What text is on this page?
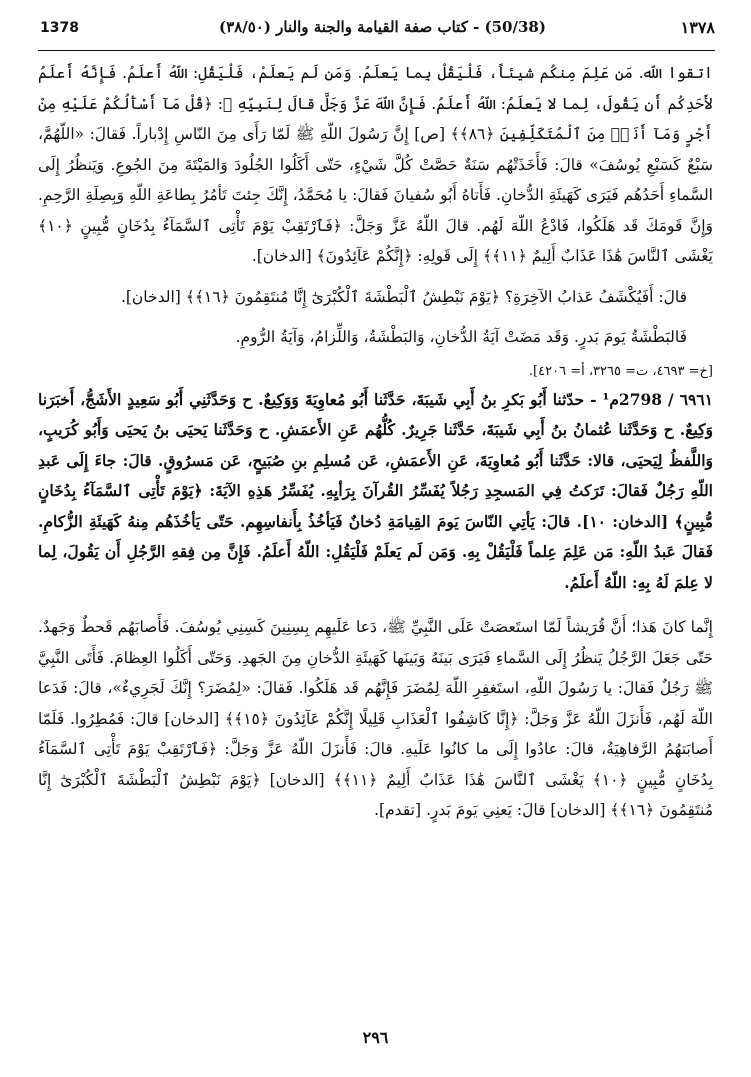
1378	(50/38) - كتاب صفة القيامة والجنة والنار (٣٨/٥٠)	١٣٧٨

اتقوا اللّه. مَن عَلِمَ مِنكُم شيئاً، فَلْيَقُلْ بِما يَعلَمُ. وَمَن لَم يَعلَمْ، فَلْيَقُلِ: اللّهُ أَعلَمُ. فَإِنَّهُ أَعلَمُ لأَحَدِكُم أَن يَقُولَ، لِما لا يَعلَمُ: اللّهُ أَعلَمُ. فَإِنَّ اللّهَ عَزَّ وَجَلَّ قالَ لِنَبِيِّهِ ﷺ: ﴿قُلْ مَآ أَسْأَلُكُمْ عَلَيْهِ مِنْ أَجْرٍ وَمَآ أَنَا۠ مِنَ ٱلْمُتَكَلِّفِينَ ﴿٨٦﴾﴾ [ص] إِنَّ رَسُولَ اللّهِ ﷺ لَمّا رَأَى مِنَ النّاسِ إِدْباراً. فَقالَ: «اللّهُمَّ، سَبْعٌ كَسَبْعِ يُوسُفَ» قالَ: فَأَخَذَتْهُم سَنَةٌ حَصَّتْ كُلَّ شَيْءٍ، حَتّى أَكَلُوا الجُلُودَ وَالمَيْتَةَ مِنَ الجُوعِ. وَيَنظُرُ إِلَى السَّماءِ أَحَدُهُم فَيَرَى كَهَيئَةِ الدُّخانِ. فَأَتاهُ أَبُو سُفيانَ فَقالَ: يا مُحَمَّدُ، إِنَّكَ جِئتَ تَأمُرُ بِطاعَةِ اللّهِ وَبِصِلَةِ الرَّحِمِ. وَإِنَّ قَومَكَ قَد هَلَكُوا، فَادْعُ اللّهَ لَهُم. قالَ اللّهُ عَزَّ وَجَلَّ: ﴿فَٱرْتَقِبْ يَوْمَ تَأْتِى ٱلسَّمَآءُ بِدُخَانٍ مُّبِينٍ ﴿١٠﴾ يَغْشَى ٱلنَّاسَ هَٰذَا عَذَابٌ أَلِيمٌ ﴿١١﴾﴾ إِلَى قَولِهِ: ﴿إِنَّكُمْ عَآئِدُونَ﴾ [الدخان].

قالَ: أَفَيُكْشَفُ عَذابُ الآخِرَةِ؟ ﴿يَوْمَ نَبْطِشُ ٱلْبَطْشَةَ ٱلْكُبْرَىٰٓ إِنَّا مُنتَقِمُونَ ﴿١٦﴾﴾ [الدخان].

فَالبَطْشَةُ يَومَ بَدرٍ. وَقَد مَضَتْ آيَةُ الدُّخانِ، وَالبَطْشَةُ، وَاللِّزامُ، وَآيَةُ الرُّومِ.

[خ= ٤٦٩٣، ت= ٣٢٦٥، أ= ٤٢٠٦].

٦٩٦١ / 2798م¹ - حدّثنا أَبُو بَكرِ بنُ أَبِي شَيبَةَ، حَدَّثَنا أَبُو مُعاوِيَةَ وَوَكِيعٌ. ح وَحَدَّثَنِي أَبُو سَعِيدٍ الأَشَجُّ، أَخبَرَنا وَكِيعٌ. ح وَحَدَّثَنا عُثمانُ بنُ أَبِي شَيبَةَ، حَدَّثَنا جَرِيرٌ. كُلُّهُم عَنِ الأَعمَشِ. ح وَحَدَّثَنا يَحيَى بنُ يَحيَى وَأَبُو كُرَيبٍ، وَاللَّفظُ لِيَحيَى، قالا: حَدَّثَنا أَبُو مُعاوِيَةَ، عَنِ الأَعمَشِ، عَن مُسلِمِ بنِ صُبَيحٍ، عَن مَسرُوقٍ. قالَ: جاءَ إِلَى عَبدِ اللّهِ رَجُلٌ فَقالَ: تَرَكتُ فِي المَسجِدِ رَجُلاً يُفَسِّرُ القُرآنَ بِرَأيِهِ. يُفَسِّرُ هَذِهِ الآيَةَ: ﴿يَوْمَ تَأْتِى ٱلسَّمَآءُ بِدُخَانٍ مُّبِينٍ﴾ [الدخان: ١٠]. قالَ: يَأتِي النّاسَ يَومَ القِيامَةِ دُخانٌ فَيَأخُذُ بِأَنفاسِهِم. حَتّى يَأخُذَهُم مِنهُ كَهَيئَةِ الزُّكامِ. فَقالَ عَبدُ اللّهِ: مَن عَلِمَ عِلماً فَلْيَقُلْ بِهِ. وَمَن لَم يَعلَمْ فَلْيَقُلِ: اللّهُ أَعلَمُ. فَإِنَّ مِن فِقهِ الرَّجُلِ أَن يَقُولَ، لِما لا عِلمَ لَهُ بِهِ: اللّهُ أَعلَمُ.

إِنَّما كانَ هَذا؛ أَنَّ قُرَيشاً لَمّا استَعصَتْ عَلَى النَّبِيِّ ﷺ، دَعا عَلَيهِم بِسِنِينَ كَسِنِي يُوسُفَ. فَأَصابَهُم قَحطٌ وَجَهدٌ. حَتّى جَعَلَ الرَّجُلُ يَنظُرُ إِلَى السَّماءِ فَيَرَى بَينَهُ وَبَينَها كَهَيئَةِ الدُّخانِ مِنَ الجَهدِ. وَحَتّى أَكَلُوا العِظامَ. فَأَتَى النَّبِيَّ ﷺ رَجُلٌ فَقالَ: يا رَسُولَ اللّهِ، استَغفِرِ اللّهَ لِمُضَرَ فَإِنَّهُم قَد هَلَكُوا. فَقالَ: «لِمُضَرَ؟ إِنَّكَ لَجَرِيءٌ»، قالَ: فَدَعا اللّهَ لَهُم، فَأَنزَلَ اللّهُ عَزَّ وَجَلَّ: ﴿إِنَّا كَاشِفُوا ٱلْعَذَابِ قَلِيلًا إِنَّكُمْ عَآئِدُونَ ﴿١٥﴾﴾ [الدخان] قالَ: فَمُطِرُوا. فَلَمّا أَصابَتهُمُ الرَّفاهِيَةُ، قالَ: عادُوا إِلَى ما كانُوا عَلَيهِ. قالَ: فَأَنزَلَ اللّهُ عَزَّ وَجَلَّ: ﴿فَٱرْتَقِبْ يَوْمَ تَأْتِى ٱلسَّمَآءُ بِدُخَانٍ مُّبِينٍ ﴿١٠﴾ يَغْشَى ٱلنَّاسَ هَٰذَا عَذَابٌ أَلِيمٌ ﴿١١﴾﴾ [الدخان] ﴿يَوْمَ نَبْطِشُ ٱلْبَطْشَةَ ٱلْكُبْرَىٰٓ إِنَّا مُنتَقِمُونَ ﴿١٦﴾﴾ [الدخان] قالَ: يَعنِي يَومَ بَدرٍ. [تقدم].

٢٩٦
